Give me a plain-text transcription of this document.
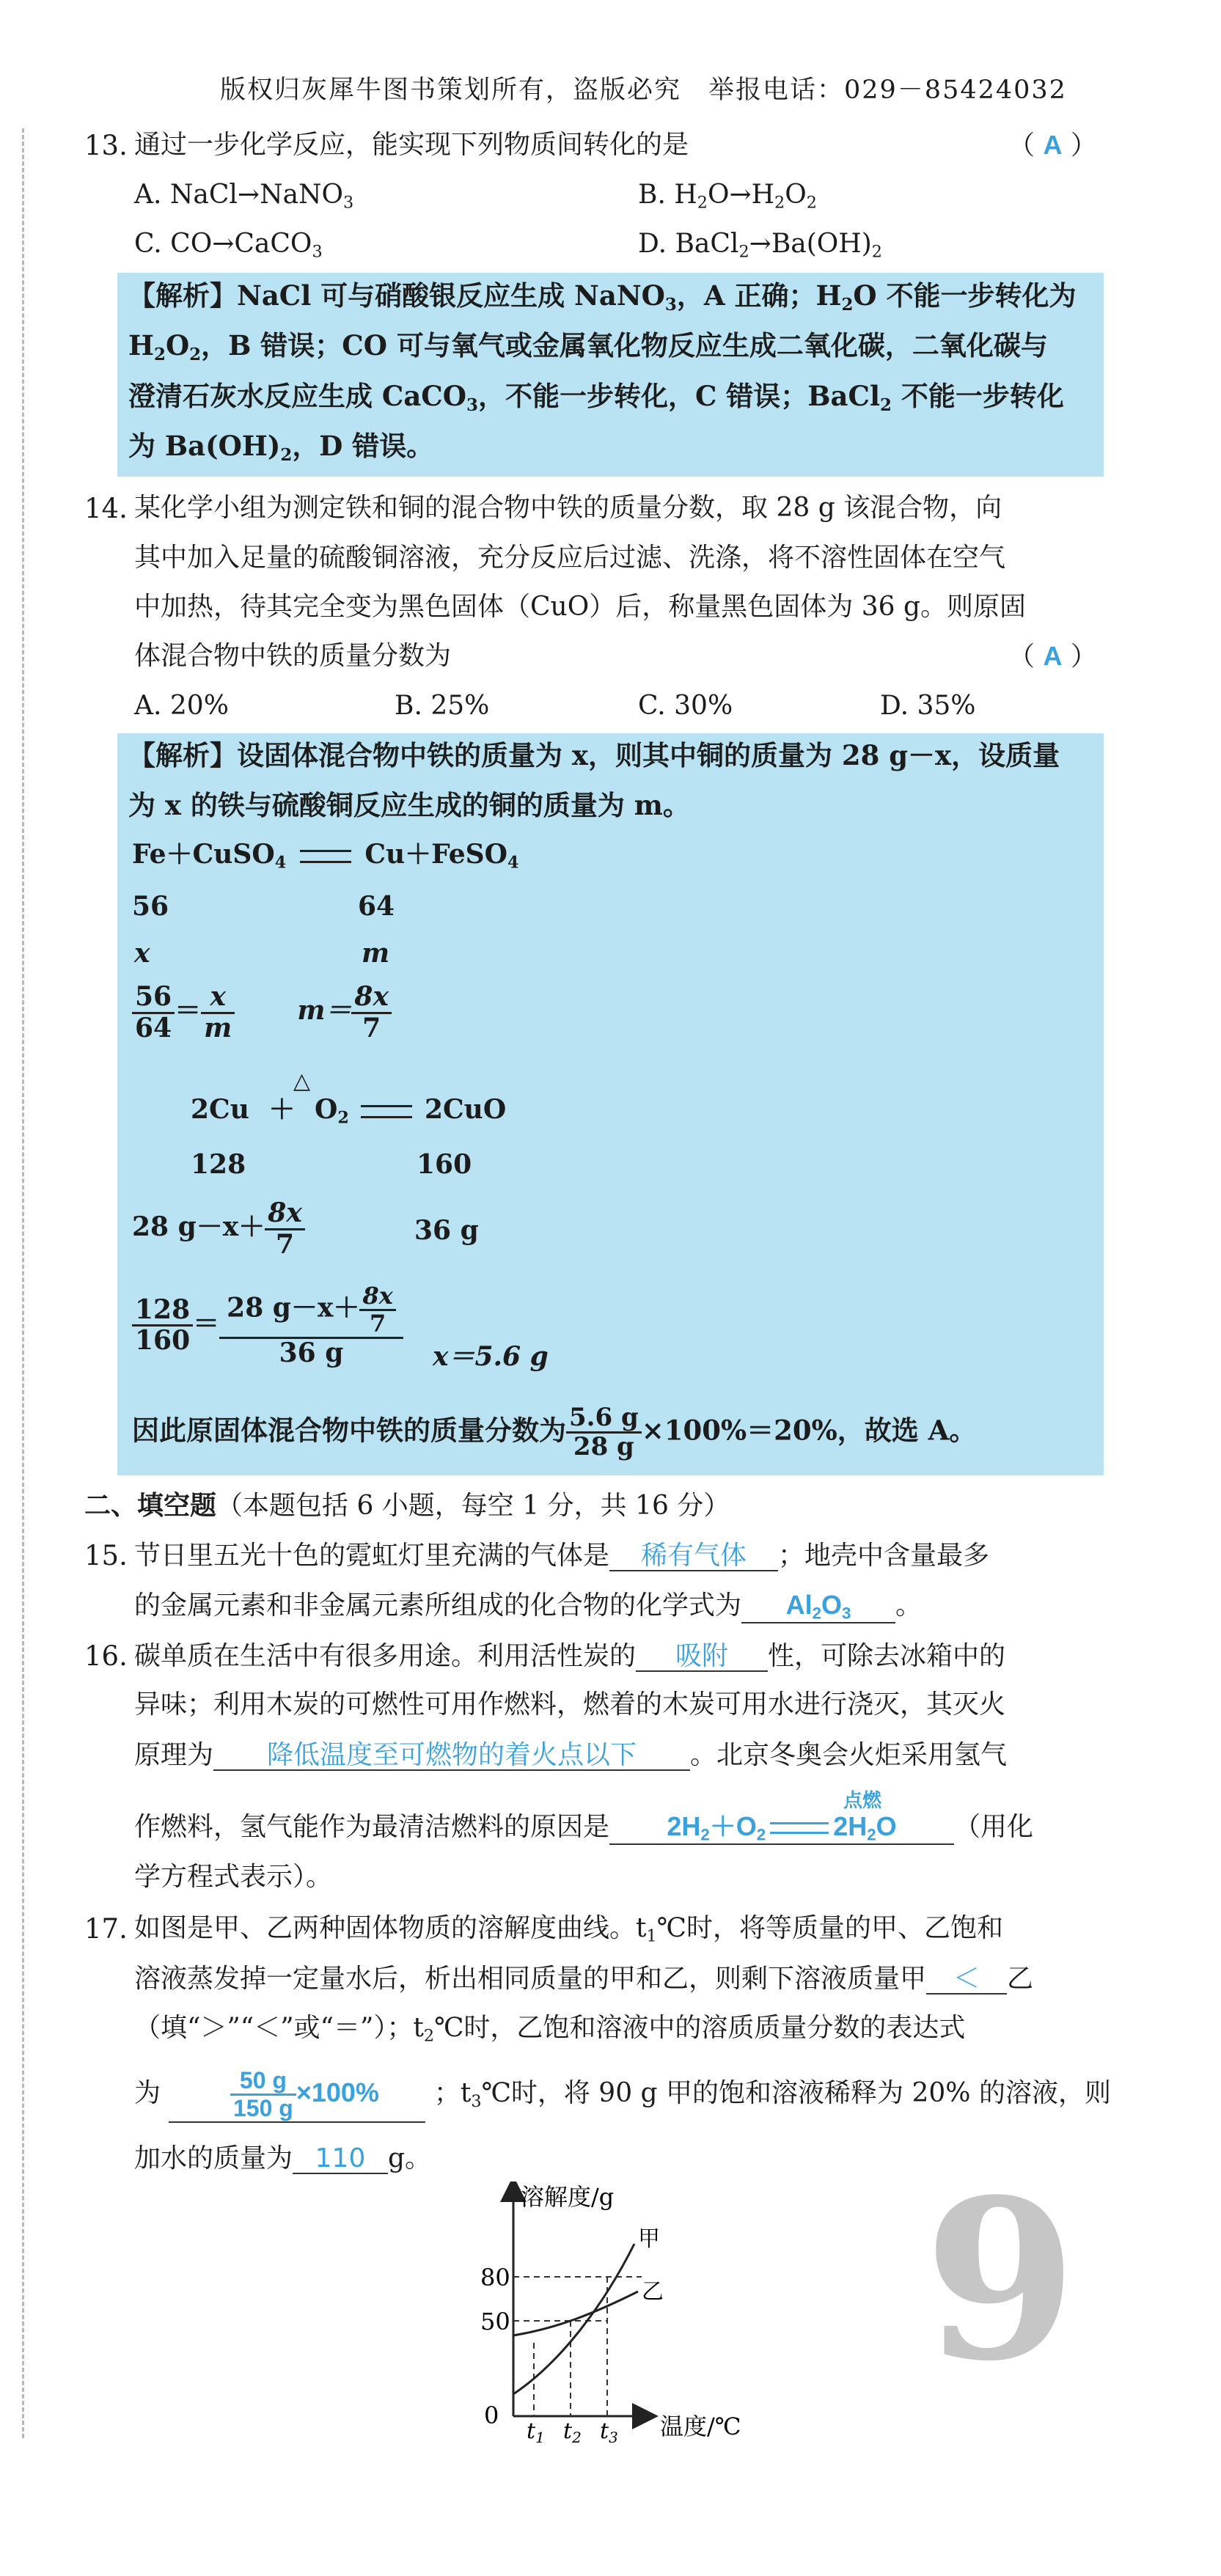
版权归灰犀牛图书策划所有，盗版必究　举报电话：029－85424032
13. 通过一步化学反应，能实现下列物质间转化的是	（ A ）
A. NaCl→NaNO$_3$	B. $H_2O\to H_2O_2$
C. CO→CaCO$_3$	D. $BaCl_2\to Ba(OH)_2$
【解析】NaCl 可与硝酸银反应生成 NaNO$_3$，A 正确；$H_2O$ 不能一步转化为
$H_2O_2$，B 错误；CO 可与氧气或金属氧化物反应生成二氧化碳，二氧化碳与
澄清石灰水反应生成 CaCO$_3$，不能一步转化，C 错误；BaCl$_2$ 不能一步转化
为 $Ba(OH)_2$，D 错误。
14. 某化学小组为测定铁和铜的混合物中铁的质量分数，取 28 g 该混合物，向
其中加入足量的硫酸铜溶液，充分反应后过滤、洗涤，将不溶性固体在空气
中加热，待其完全变为黑色固体（CuO）后，称量黑色固体为 36 g。则原固
体混合物中铁的质量分数为	（ A ）
A. 20%	B. 25%	C. 30%	D. 35%
【解析】设固体混合物中铁的质量为 x，则其中铜的质量为 28 g－x，设质量
为 x 的铁与硫酸铜反应生成的铜的质量为 m。
Fe＋CuSO$_4$	Cu＋FeSO$_4$
56	64
x	m
$\frac{56}{64} = \frac{x}{m} m= \frac{8x}{7}$
△
$2Cu + O_2$	2CuO
128	160
28 $g-x+ \frac{8x}{7}$	36 g
$\frac{128}{160} = \frac{28 g-x+ \frac{8x}{7}}{36 g} x=5.6$ g
因此原固体混合物中铁的质量分数为 $\frac{5.6 g}{28 g} \times 100\%=20\%$，故选 A。
二、填空题（本题包括 6 小题，每空 1 分，共 16 分）
15. 节日里五光十色的霓虹灯里充满的气体是 稀有气体 ；地壳中含量最多
的金属元素和非金属元素所组成的化合物的化学式为 $Al_2O_3$ 。
16. 碳单质在生活中有很多用途。利用活性炭的 吸附 性，可除去冰箱中的
异味；利用木炭的可燃性可用作燃料，燃着的木炭可用水进行浇灭，其灭火
原理为 降低温度至可燃物的着火点以下 。北京冬奥会火炬采用氢气
点燃
作燃料，氢气能作为最清洁燃料的原因是 $2H_2+O_2$	$2H_2O$ （用化
学方程式表示）。
17. 如图是甲、乙两种固体物质的溶解度曲线。$t_1℃$时，将等质量的甲、乙饱和
溶液蒸发掉一定量水后，析出相同质量的甲和乙，则剩下溶液质量甲 ＜ 乙
（填“＞”“＜”或“＝”）；$t_2℃$时，乙饱和溶液中的溶质质量分数的表达式
为	$\frac{50 g}{150 g} \times 100\%$ ；$t_3℃$时，将 90 g 甲的饱和溶液稀释为 20% 的溶液，则
加水的质量为 110 g。
溶解度/g
甲
乙
80
50
0
$t_1$ $t_2$ $t_3$ 温度/℃
9
